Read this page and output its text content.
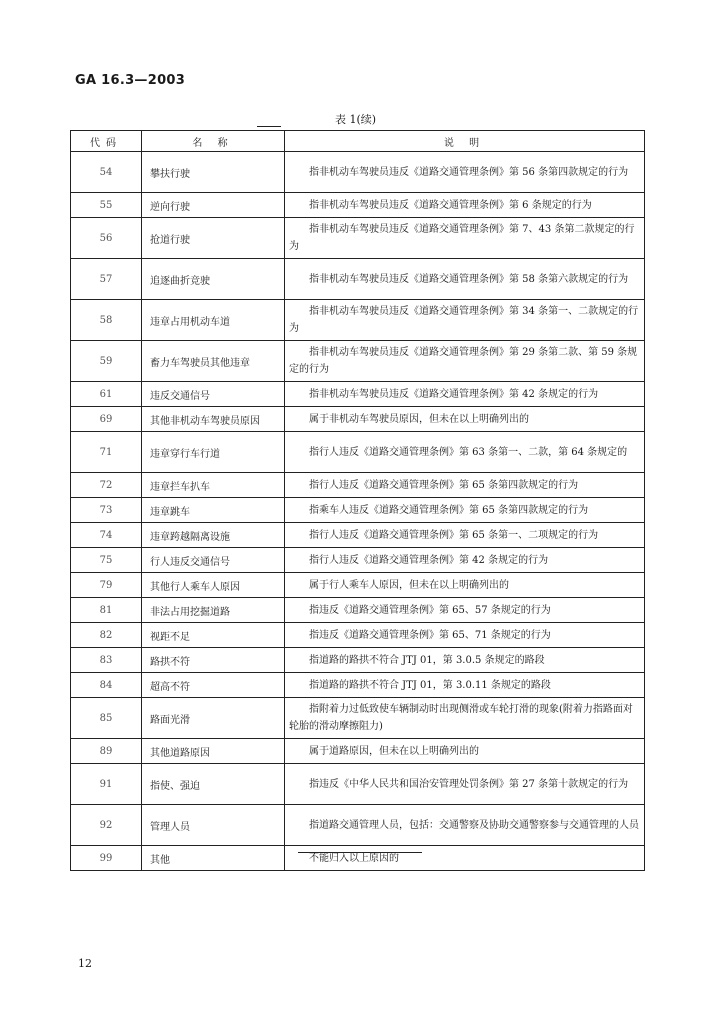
GA 16.3—2003
表 1(续)
代码	名 称	说 明
54	攀扶行驶	指非机动车驾驶员违反《道路交通管理条例》第 56 条第四款规定的行为
55	逆向行驶	指非机动车驾驶员违反《道路交通管理条例》第 6 条规定的行为
56	抢道行驶	指非机动车驾驶员违反《道路交通管理条例》第 7、43 条第二款规定的行为
57	追逐曲折竞驶	指非机动车驾驶员违反《道路交通管理条例》第 58 条第六款规定的行为
58	违章占用机动车道	指非机动车驾驶员违反《道路交通管理条例》第 34 条第一、二款规定的行为
59	畜力车驾驶员其他违章	指非机动车驾驶员违反《道路交通管理条例》第 29 条第二款、第 59 条规定的行为
61	违反交通信号	指非机动车驾驶员违反《道路交通管理条例》第 42 条规定的行为
69	其他非机动车驾驶员原因	属于非机动车驾驶员原因，但未在以上明确列出的
71	违章穿行车行道	指行人违反《道路交通管理条例》第 63 条第一、二款，第 64 条规定的
72	违章拦车扒车	指行人违反《道路交通管理条例》第 65 条第四款规定的行为
73	违章跳车	指乘车人违反《道路交通管理条例》第 65 条第四款规定的行为
74	违章跨越隔离设施	指行人违反《道路交通管理条例》第 65 条第一、二项规定的行为
75	行人违反交通信号	指行人违反《道路交通管理条例》第 42 条规定的行为
79	其他行人乘车人原因	属于行人乘车人原因，但未在以上明确列出的
81	非法占用挖掘道路	指违反《道路交通管理条例》第 65、57 条规定的行为
82	视距不足	指违反《道路交通管理条例》第 65、71 条规定的行为
83	路拱不符	指道路的路拱不符合 JTJ 01，第 3.0.5 条规定的路段
84	超高不符	指道路的路拱不符合 JTJ 01，第 3.0.11 条规定的路段
85	路面光滑	指附着力过低致使车辆制动时出现侧滑或车轮打滑的现象(附着力指路面对轮胎的滑动摩擦阻力)
89	其他道路原因	属于道路原因，但未在以上明确列出的
91	指使、强迫	指违反《中华人民共和国治安管理处罚条例》第 27 条第十款规定的行为
92	管理人员	指道路交通管理人员，包括：交通警察及协助交通警察参与交通管理的人员
99	其他	不能归入以上原因的
12
